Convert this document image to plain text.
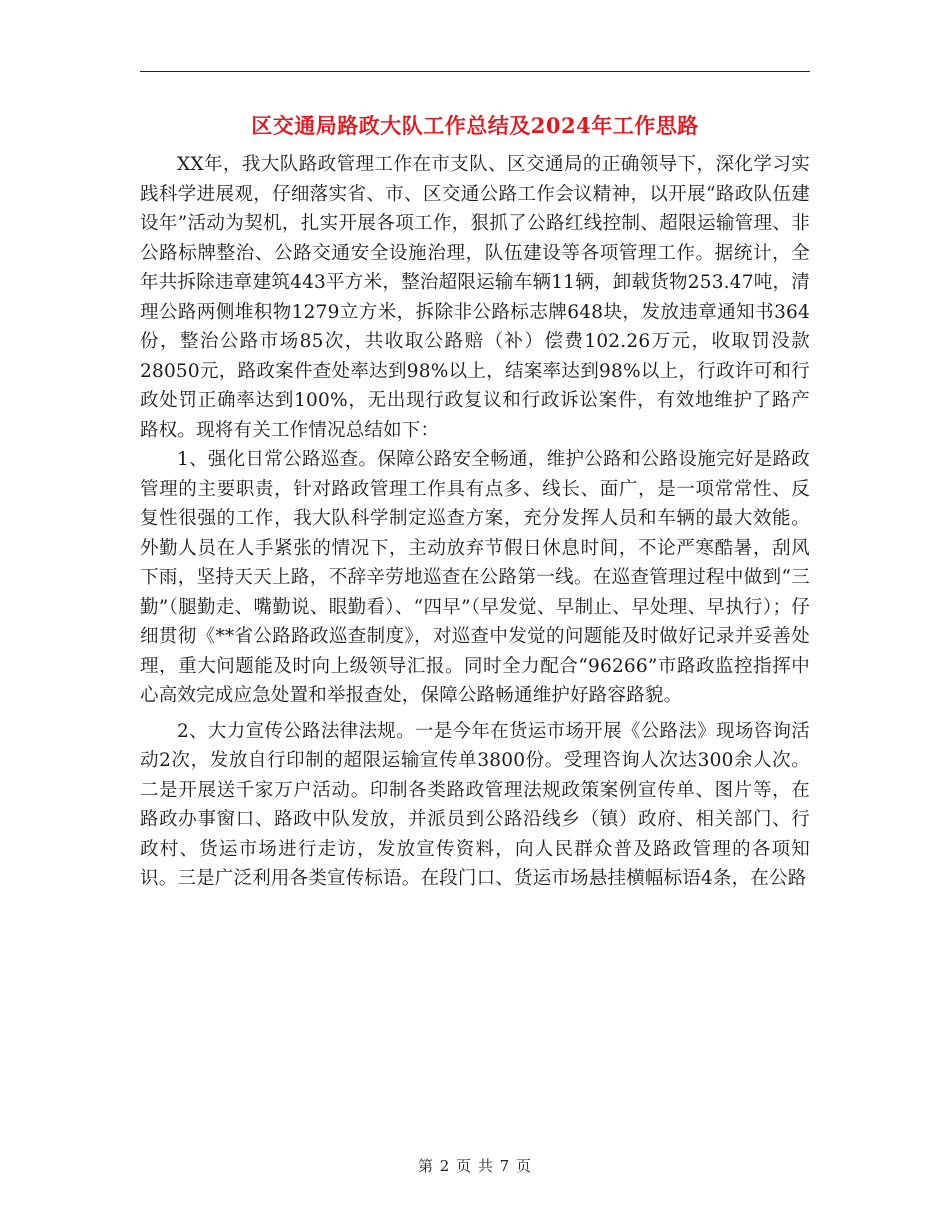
区交通局路政大队工作总结及2024年工作思路

XX年，我大队路政管理工作在市支队、区交通局的正确领导下，深化学习实践科学进展观，仔细落实省、市、区交通公路工作会议精神，以开展“路政队伍建设年”活动为契机，扎实开展各项工作，狠抓了公路红线控制、超限运输管理、非公路标牌整治、公路交通安全设施治理，队伍建设等各项管理工作。据统计，全年共拆除违章建筑443平方米，整治超限运输车辆11辆，卸载货物253.47吨，清理公路两侧堆积物1279立方米，拆除非公路标志牌648块，发放违章通知书364份，整治公路市场85次，共收取公路赔（补）偿费102.26万元，收取罚没款28050元，路政案件查处率达到98%以上，结案率达到98%以上，行政许可和行政处罚正确率达到100%，无出现行政复议和行政诉讼案件，有效地维护了路产路权。现将有关工作情况总结如下：

1、强化日常公路巡查。保障公路安全畅通，维护公路和公路设施完好是路政管理的主要职责，针对路政管理工作具有点多、线长、面广，是一项常常性、反复性很强的工作，我大队科学制定巡查方案，充分发挥人员和车辆的最大效能。外勤人员在人手紧张的情况下，主动放弃节假日休息时间，不论严寒酷暑，刮风下雨，坚持天天上路，不辞辛劳地巡查在公路第一线。在巡查管理过程中做到“三勤”（腿勤走、嘴勤说、眼勤看）、“四早”（早发觉、早制止、早处理、早执行）；仔细贯彻《**省公路路政巡查制度》，对巡查中发觉的问题能及时做好记录并妥善处理，重大问题能及时向上级领导汇报。同时全力配合“96266”市路政监控指挥中心高效完成应急处置和举报查处，保障公路畅通维护好路容路貌。

2、大力宣传公路法律法规。一是今年在货运市场开展《公路法》现场咨询活动2次，发放自行印制的超限运输宣传单3800份。受理咨询人次达300余人次。二是开展送千家万户活动。印制各类路政管理法规政策案例宣传单、图片等，在路政办事窗口、路政中队发放，并派员到公路沿线乡（镇）政府、相关部门、行政村、货运市场进行走访，发放宣传资料，向人民群众普及路政管理的各项知识。三是广泛利用各类宣传标语。在段门口、货运市场悬挂横幅标语4条，在公路

第 2 页 共 7 页
